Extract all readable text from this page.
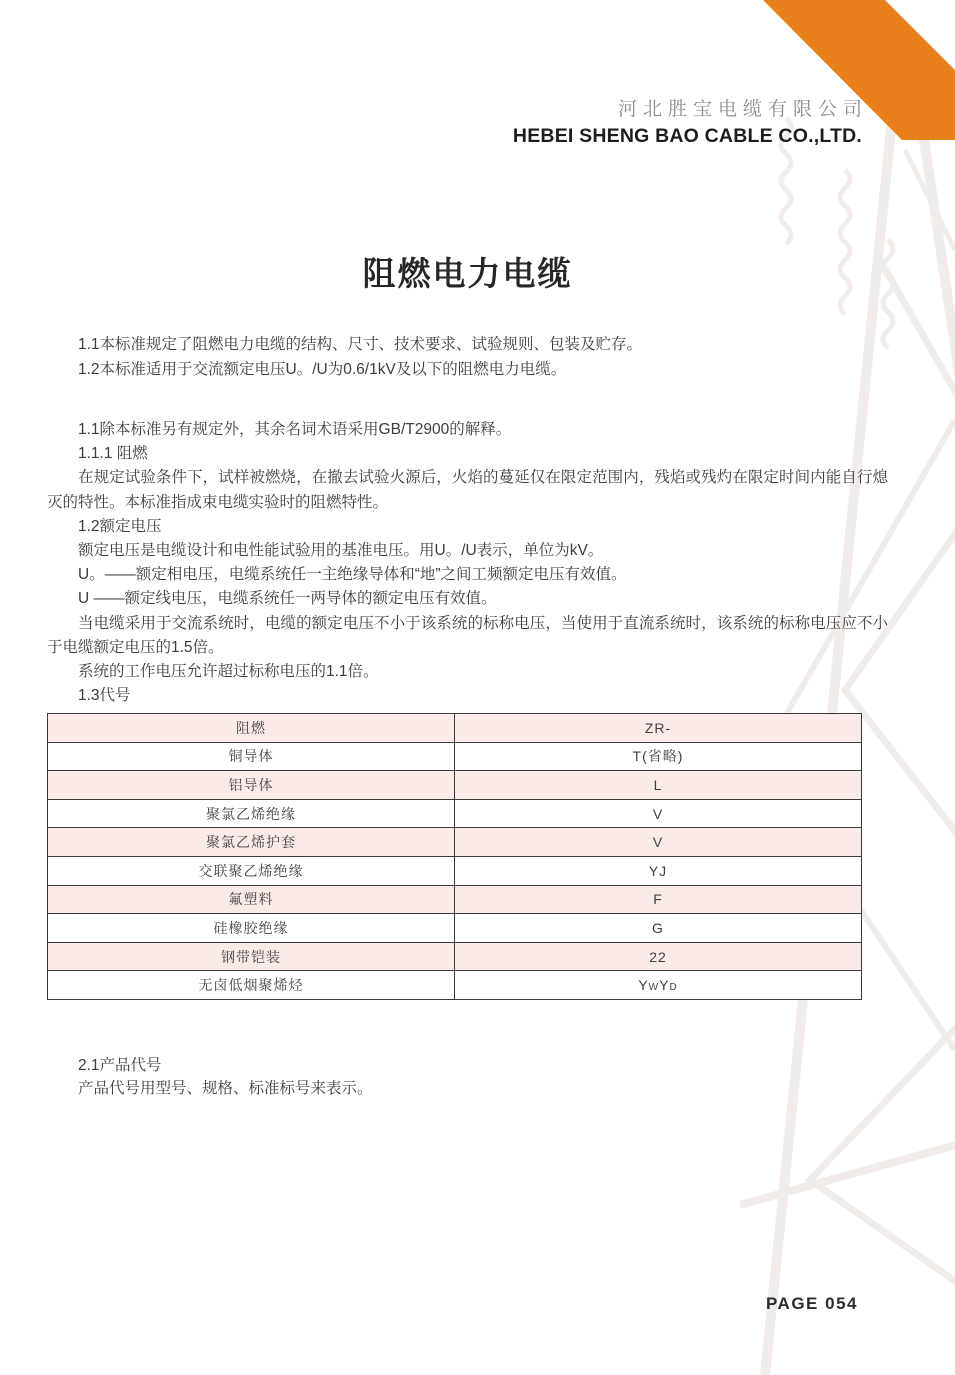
河北胜宝电缆有限公司
HEBEI SHENG BAO CABLE CO.,LTD.
阻燃电力电缆

1.1本标准规定了阻燃电力电缆的结构、尺寸、技术要求、试验规则、包装及贮存。

1.2本标准适用于交流额定电压U。/U为0.6/1kV及以下的阻燃电力电缆。

1.1除本标准另有规定外，其余名词术语采用GB/T2900的解释。

1.1.1 阻燃

在规定试验条件下，试样被燃烧，在撤去试验火源后，火焰的蔓延仅在限定范围内，残焰或残灼在限定时间内能自行熄灭的特性。本标准指成束电缆实验时的阻燃特性。

1.2额定电压

额定电压是电缆设计和电性能试验用的基准电压。用U。/U表示，单位为kV。

U。——额定相电压，电缆系统任一主绝缘导体和“地”之间工频额定电压有效值。

U ——额定线电压，电缆系统任一两导体的额定电压有效值。

当电缆采用于交流系统时，电缆的额定电压不小于该系统的标称电压，当使用于直流系统时，该系统的标称电压应不小于电缆额定电压的1.5倍。

系统的工作电压允许超过标称电压的1.1倍。

1.3代号

阻燃	ZR-
铜导体	T(省略)
铝导体	L
聚氯乙烯绝缘	V
聚氯乙烯护套	V
交联聚乙烯绝缘	YJ
氟塑料	F
硅橡胶绝缘	G
钢带铠装	22
无卤低烟聚烯烃	YwYd

2.1产品代号

产品代号用型号、规格、标准标号来表示。

PAGE 054
